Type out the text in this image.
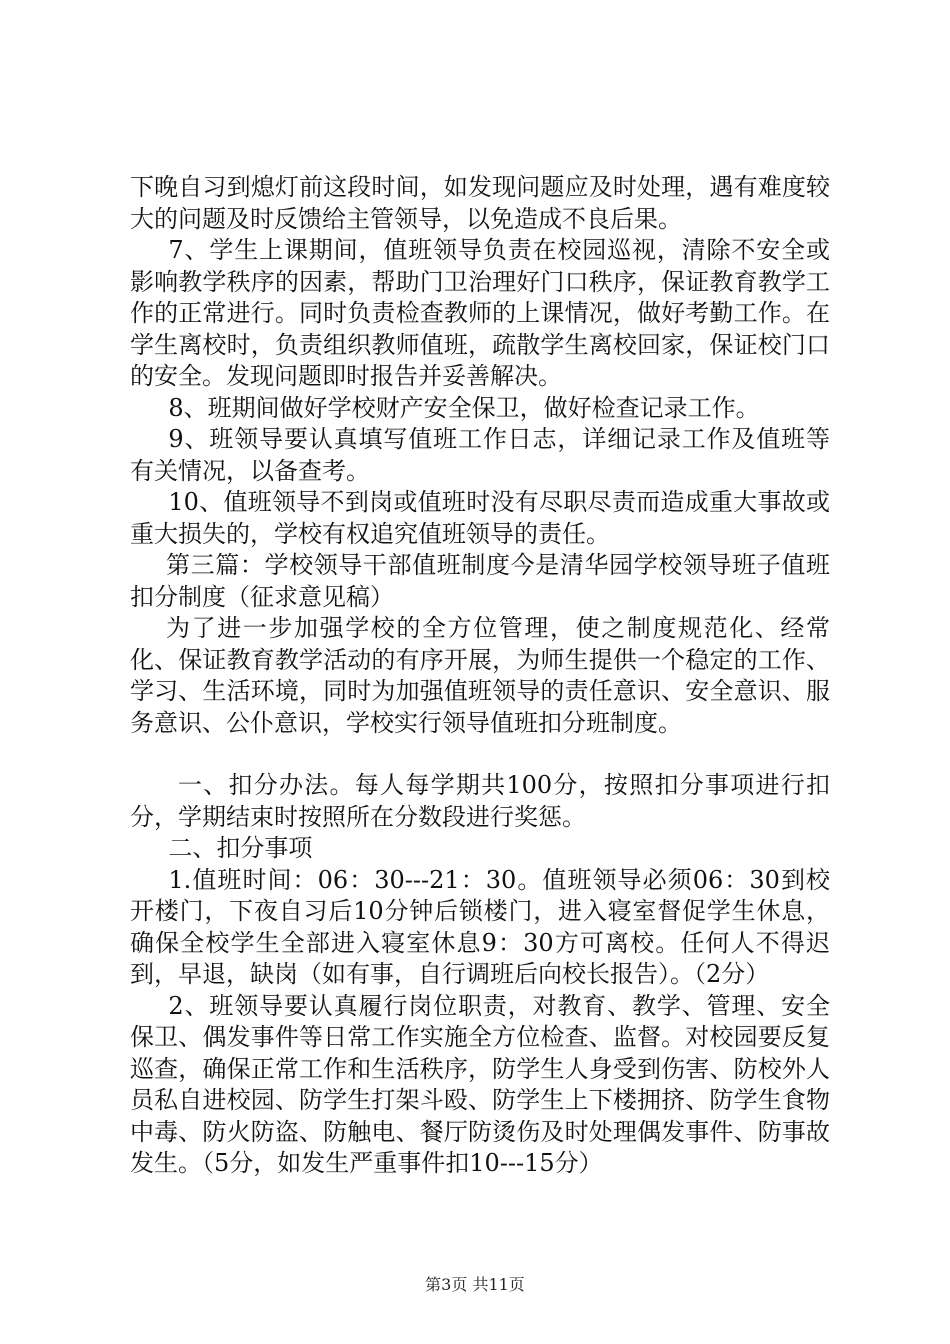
下晚自习到熄灯前这段时间，如发现问题应及时处理，遇有难度较大的问题及时反馈给主管领导，以免造成不良后果。

7、学生上课期间，值班领导负责在校园巡视，清除不安全或影响教学秩序的因素，帮助门卫治理好门口秩序，保证教育教学工作的正常进行。同时负责检查教师的上课情况，做好考勤工作。在学生离校时，负责组织教师值班，疏散学生离校回家，保证校门口的安全。发现问题即时报告并妥善解决。

8、班期间做好学校财产安全保卫，做好检查记录工作。

9、班领导要认真填写值班工作日志，详细记录工作及值班等有关情况，以备查考。

10、值班领导不到岗或值班时没有尽职尽责而造成重大事故或重大损失的，学校有权追究值班领导的责任。

第三篇：学校领导干部值班制度今是清华园学校领导班子值班扣分制度（征求意见稿）

为了进一步加强学校的全方位管理，使之制度规范化、经常化、保证教育教学活动的有序开展，为师生提供一个稳定的工作、学习、生活环境，同时为加强值班领导的责任意识、安全意识、服务意识、公仆意识，学校实行领导值班扣分班制度。

一、扣分办法。每人每学期共100分，按照扣分事项进行扣分，学期结束时按照所在分数段进行奖惩。

二、扣分事项

1.值班时间：06：30---21：30。值班领导必须06：30到校开楼门，下夜自习后10分钟后锁楼门，进入寝室督促学生休息，确保全校学生全部进入寝室休息9：30方可离校。任何人不得迟到，早退，缺岗（如有事，自行调班后向校长报告）。（2分）

2、班领导要认真履行岗位职责，对教育、教学、管理、安全保卫、偶发事件等日常工作实施全方位检查、监督。对校园要反复巡查，确保正常工作和生活秩序，防学生人身受到伤害、防校外人员私自进校园、防学生打架斗殴、防学生上下楼拥挤、防学生食物中毒、防火防盗、防触电、餐厅防烫伤及时处理偶发事件、防事故发生。（5分，如发生严重事件扣10---15分）

第3页 共11页
